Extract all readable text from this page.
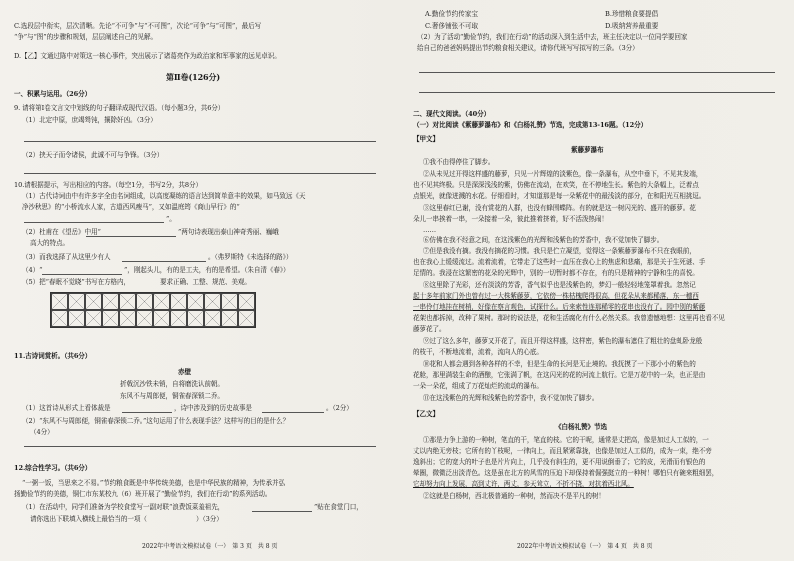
C.选段层中衔实，层次清晰。先论“不可争”与“不可图”，次论“可争”与“可图”，最后写
“争”与“图”的步骤和规划，层层阐述自己的见解。
D.【乙】文通过陈中对策这一核心事件，突出展示了诸葛亮作为政治家和军事家的远见卓识。
第Ⅱ卷(126分)
一、积累与运用。（26分）
9. 请将第Ⅰ卷文言文中划线的句子翻译成现代汉语。（每小题3分，共6分）
（1）北定中原，庶竭驽钝，攘除奸凶。（3分）
（2）挟天子而令诸侯，此诚不可与争锋。（3分）
10.请根据提示，写出相应的内容。（每空1分，书写2分，共8分）
（1）古代诗词由中有许多字全由名词组成，以高度凝练的语言达到简单意丰的效果，如马致远《天
净沙秋思》的“小桥流水人家，古道西风瘦马”，又如温庭筠《商山早行》的“
”。
（2）杜甫在《望岳》中用“	”两句诗表现出泰山神奇秀丽、巍峨
高大的特点。
（3）而我选择了从这里少有人	。（弗罗斯特《未选择的路》）
（4）“	”，刚起头儿，有的是工夫，有的是希望。（朱自清《春》）
（5）把“春眠不觉晓”书写在方格内，	要求正确、工整、规范、美观。
11.古诗词赏析。（共6分）
赤壁
折戟沉沙铁未销，自将磨洗认前朝。
东风不与周郎便，铜雀春深锁二乔。
（1）这首诗从形式上看体裁是	，诗中涉及到的历史故事是	。（2分）
（2）“东风不与周郎便，铜雀春深锁二乔。”这句运用了什么表现手法？这样写的目的是什么？
（4分）
12.综合性学习。（共6分）
“一粥一饭，当思来之不易。”节约粮食既是中华传统美德，也是中华民族的精神，为传承并弘
扬勤俭节约的美德，铜仁市东某校九（6）班开展了“勤俭节约，我们在行动”的系列活动。
（1）在活动中，同学们准备为学校食堂写一副对联“浪费饭菜羞祖先，	”贴在食堂门口，
请你选出下联填入横线上最恰当的一项（	）（3分）
2022年中考语文模拟试卷（一）　第 3 页　共 8 页
A.勤俭节约传家宝	B.珍惜粮食要提倡
C.奢侈铺张不可取	D.吸纳营养最重要
（2）为了活动“勤俭节约，我们在行动”的活动深入到生活中去，班主任决定以一位同学要回家
给自己的爸爸妈妈提出节约粮食相关建议，请你代班写写拟写的三条。（3分）
二、现代文阅读。（40分）
（一）对比阅读《紫藤萝瀑布》和《白杨礼赞》节选，完成第13-16题。（12分）
【甲文】
紫藤萝瀑布
①我不由得停住了脚步。
②从未见过开得这样盛的藤萝，只见一片辉煌的淡紫色，像一条瀑布，从空中垂下，不见其发端，
也不见其终极。只是深深浅浅的紫，仿佛在流动，在欢笑，在不停地生长。紫色的大条幅上，泛着点
点银光，就像迸溅的水花。仔细看时，才知道那是每一朵紫花中的最浅淡的部分，在和阳光互相挑逗。
③这里春红已谢，没有赏花的人群，也没有蜂围蝶阵。有的就是这一树闪光的、盛开的藤萝。花
朵儿一串挨着一串，一朵接着一朵，彼此推着挤着，好不活泼热闹！
……
⑥仿佛在我不经意之间，在这浅紫色的光辉和浅紫色的芳香中，我不觉加快了脚步。
⑦但是我没有摘。我没有摘花的习惯。我只是伫立凝望，觉得这一条紫藤萝瀑布不只在我眼前，
也在我心上缓缓流过。流着流着，它带走了这些时一直压在我心上的焦虑和悲痛，那是关于生死谜、手
足情的。我浸在这繁密的花朵的光辉中，别的一切暂时都不存在，有的只是精神的宁静和生的喜悦。
⑧这里除了光彩，还有淡淡的芳香，香气似乎也是浅紫色的，梦幻一般轻轻地笼罩着我。忽然记
起十多年前家门外也曾有过一大株紫藤萝，它依傍一株枯槐爬得很高，但花朵从来都稀落，东一穗西
一串伶仃地挂在树梢，好像在察言观色，试探什么。后来索性连那稀零的花串也没有了。园中别的紫藤
花架也都拆掉，改种了果树。那时的说法是，花和生活腐化有什么必然关系。我曾遗憾地想：这里再也看不见
藤萝花了。
⑨过了这么多年，藤萝又开花了，而且开得这样盛，这样密，紫色的瀑布遮住了粗壮的盘虬卧龙般
的枝干，不断地流着，流着，流向人的心底。
⑩花和人都会遇到各种各样的不幸，但是生命的长河是无止境的。我抚摸了一下那小小的紫色的
花舱，那里满装生命的酒酿，它张满了帆，在这闪光的花的河流上航行。它是万花中的一朵，也正是由
一朵一朵花，组成了万花灿烂的流动的瀑布。
⑪在这浅紫色的光辉和浅紫色的芳香中，我不觉加快了脚步。
【乙文】
《白杨礼赞》节选
①那是力争上游的一种树，笔直的干，笔直的枝。它的干呢，通常是丈把高，像是加过人工似的，一
丈以内绝无旁枝；它所有的丫枝呢，一律向上，而且紧紧靠拢，也像是加过人工似的，成为一束，绝不旁
逸斜出；它的宽大的叶子也是片片向上，几乎没有斜生的，更不用说倒垂了；它的皮，光滑而有银色的
晕圈，微微泛出淡青色。这是虽在北方的风雪的压迫下却保持着倔强挺立的一种树！哪怕只有碗来粗细罢，
它却努力向上发展，高到丈许，两丈，参天耸立，不折不挠，对抗着西北风。
②这就是白杨树，西北极普通的一种树，然而决不是平凡的树！
2022年中考语文模拟试卷（一）　第 4 页　共 8 页
